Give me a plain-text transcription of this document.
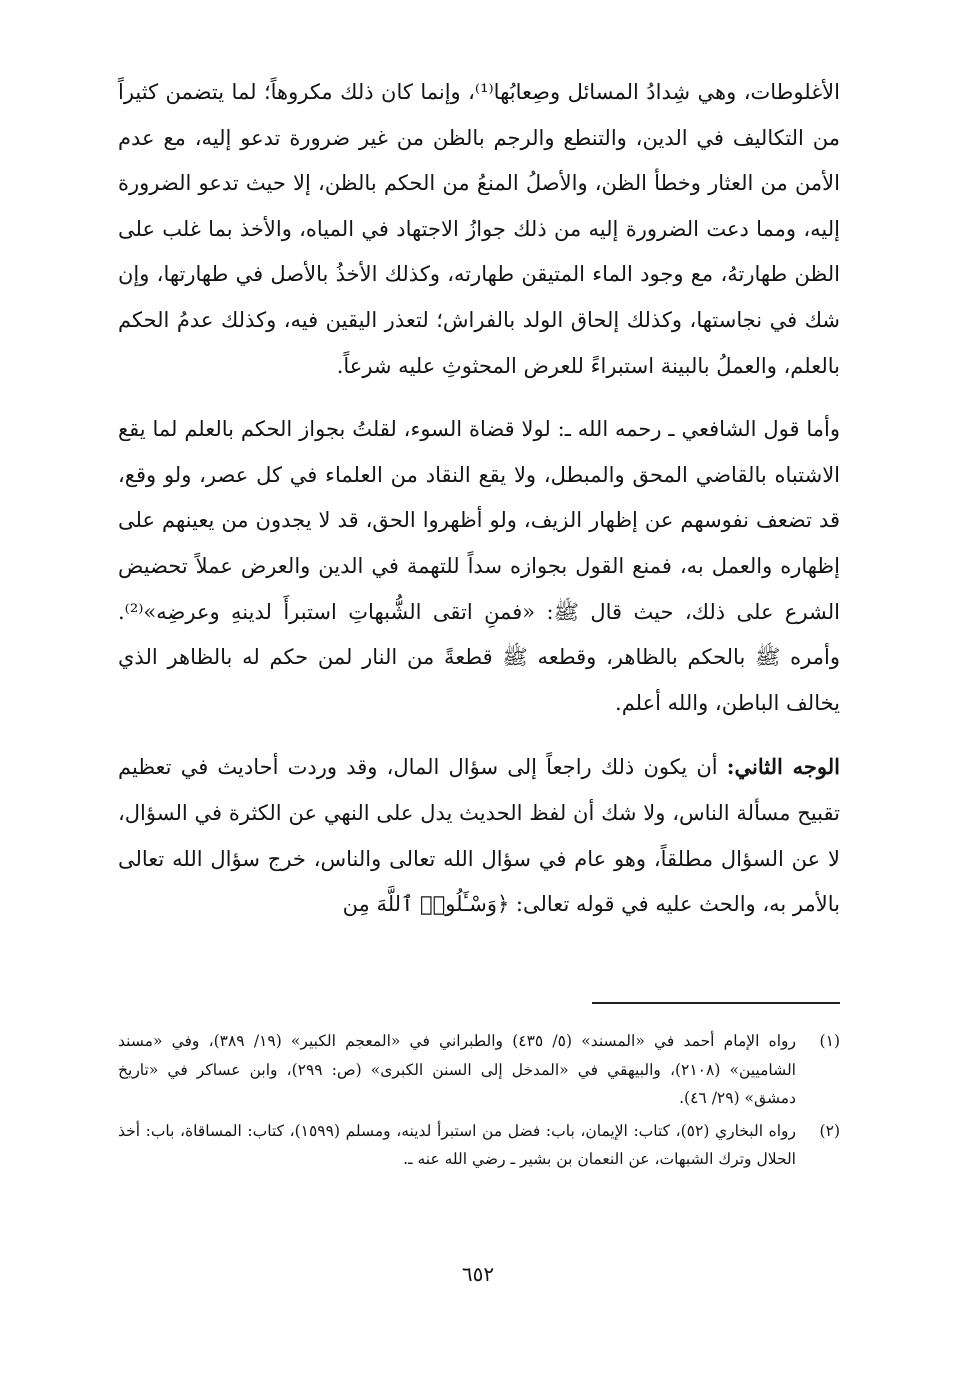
الأغلوطات، وهي شِدادُ المسائل وصِعابُها⁽¹⁾، وإنما كان ذلك مكروهاً؛ لما يتضمن كثيراً من التكاليف في الدين، والتنطع والرجم بالظن من غير ضرورة تدعو إليه، مع عدم الأمن من العثار وخطأ الظن، والأصلُ المنعُ من الحكم بالظن، إلا حيث تدعو الضرورة إليه، ومما دعت الضرورة إليه من ذلك جوازُ الاجتهاد في المياه، والأخذ بما غلب على الظن طهارتهُ، مع وجود الماء المتيقن طهارته، وكذلك الأخذُ بالأصل في طهارتها، وإن شك في نجاستها، وكذلك إلحاق الولد بالفراش؛ لتعذر اليقين فيه، وكذلك عدمُ الحكم بالعلم، والعملُ بالبينة استبراءً للعرض المحثوثِ عليه شرعاً.

وأما قول الشافعي ـ رحمه الله ـ: لولا قضاة السوء، لقلتُ بجواز الحكم بالعلم لما يقع الاشتباه بالقاضي المحق والمبطل، ولا يقع النقاد من العلماء في كل عصر، ولو وقع، قد تضعف نفوسهم عن إظهار الزيف، ولو أظهروا الحق، قد لا يجدون من يعينهم على إظهاره والعمل به، فمنع القول بجوازه سداً للتهمة في الدين والعرض عملاً تحضيض الشرع على ذلك، حيث قال ﷺ: «فمنِ اتقى الشُّبهاتِ استبرأَ لدينهِ وعرضِه»⁽²⁾. وأمره ﷺ بالحكم بالظاهر، وقطعه ﷺ قطعةً من النار لمن حكم له بالظاهر الذي يخالف الباطن، والله أعلم.

الوجه الثاني: أن يكون ذلك راجعاً إلى سؤال المال، وقد وردت أحاديث في تعظيم تقبيح مسألة الناس، ولا شك أن لفظ الحديث يدل على النهي عن الكثرة في السؤال، لا عن السؤال مطلقاً، وهو عام في سؤال الله تعالى والناس، خرج سؤال الله تعالى بالأمر به، والحث عليه في قوله تعالى: ﴿وَسْـَٔلُوا۟ ٱللَّهَ مِن

(١)
رواه الإمام أحمد في «المسند» (٥/ ٤٣٥) والطبراني في «المعجم الكبير» (١٩/ ٣٨٩)، وفي «مسند الشاميين» (٢١٠٨)، والبيهقي في «المدخل إلى السنن الكبرى» (ص: ٢٩٩)، وابن عساكر في «تاريخ دمشق» (٢٩/ ٤٦).
(٢)
رواه البخاري (٥٢)، كتاب: الإيمان، باب: فضل من استبرأ لدينه، ومسلم (١٥٩٩)، كتاب: المساقاة، باب: أخذ الحلال وترك الشبهات، عن النعمان بن بشير ـ رضي الله عنه ـ.
٦٥٢
